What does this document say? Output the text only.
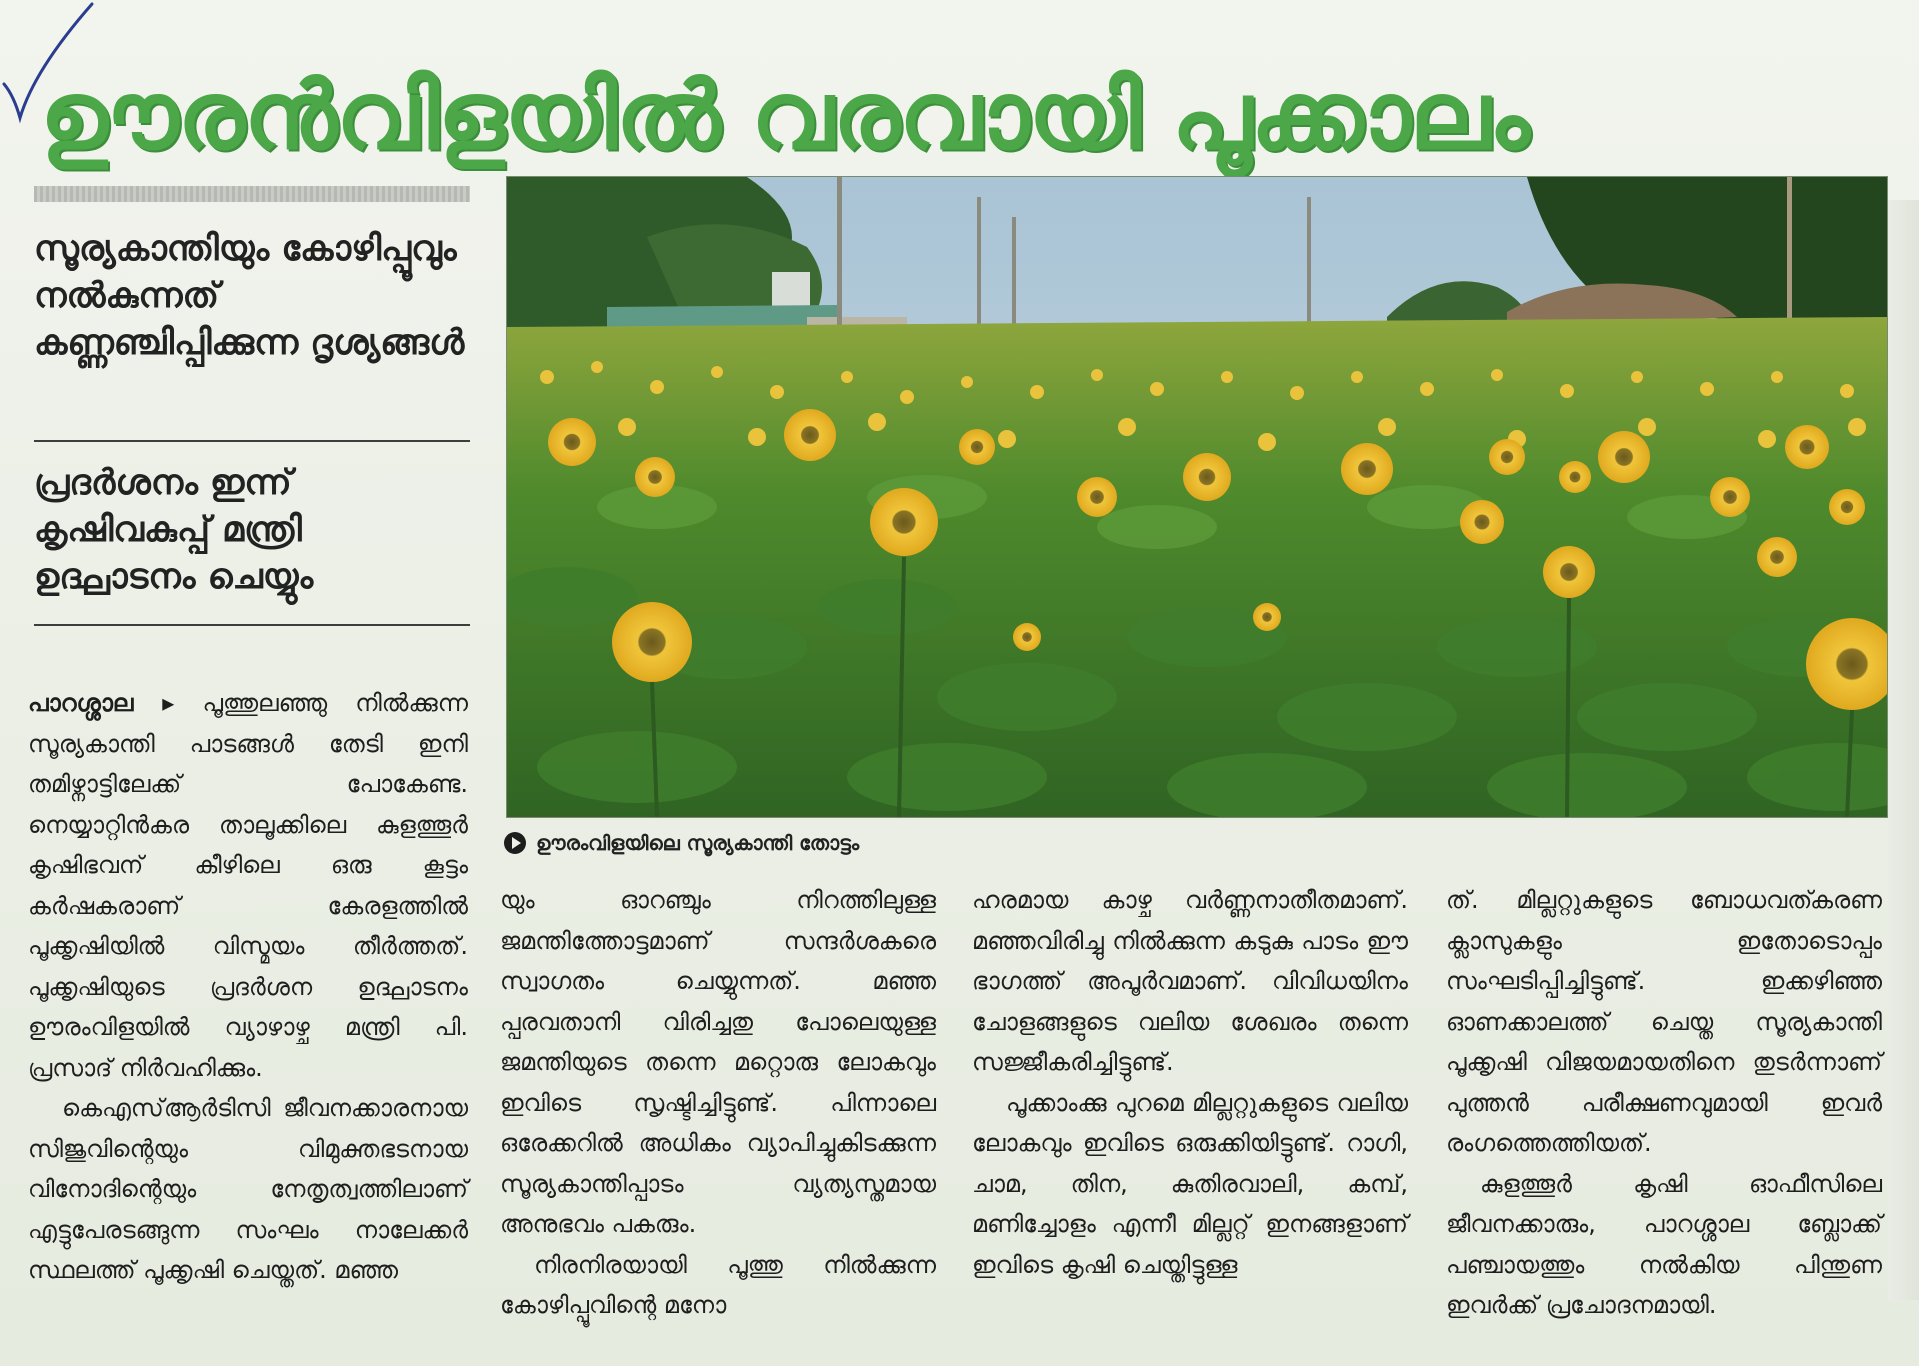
ഊരൻവിളയിൽ വരവായി പൂക്കാലം
സൂര്യകാന്തിയും കോഴിപ്പൂവും നൽകുന്നത് കണ്ണഞ്ചിപ്പിക്കുന്ന ദൃശ്യങ്ങൾ
പ്രദർശനം ഇന്ന് കൃഷിവകുപ്പ് മന്ത്രി ഉദ്ഘാടനം ചെയ്യും
ഊരംവിളയിലെ സൂര്യകാന്തി തോട്ടം

പാറശ്ശാല ▸ പൂത്തുലഞ്ഞു നിൽക്കുന്ന സൂര്യകാന്തി പാടങ്ങൾ തേടി ഇനി തമിഴ്നാട്ടിലേക്ക് പോകേണ്ട. നെയ്യാറ്റിൻകര താലൂക്കിലെ കുളത്തൂർ കൃഷിഭവന് കീഴിലെ ഒരു കൂട്ടം കർഷകരാണ് കേരളത്തിൽ പൂക്കൃഷിയിൽ വിസ്മയം തീർത്തത്. പൂക്കൃഷിയുടെ പ്രദർശന ഉദ്ഘാടനം ഊരംവിളയിൽ വ്യാഴാഴ്ച മന്ത്രി പി. പ്രസാദ് നിർവഹിക്കും.

കെഎസ്ആർടിസി ജീവനക്കാരനായ സിജുവിന്റെയും വിമുക്തഭടനായ വിനോദിന്റെയും നേതൃത്വത്തിലാണ് എട്ടുപേരടങ്ങുന്ന സംഘം നാലേക്കർ സ്ഥലത്ത് പൂക്കൃഷി ചെയ്തത്. മഞ്ഞ

യും ഓറഞ്ചും നിറത്തിലുള്ള ജമന്തിത്തോട്ടമാണ് സന്ദർശകരെ സ്വാഗതം ചെയ്യുന്നത്. മഞ്ഞ പ്പരവതാനി വിരിച്ചതു പോലെയുള്ള ജമന്തിയുടെ തന്നെ മറ്റൊരു ലോകവും ഇവിടെ സൃഷ്ടിച്ചിട്ടുണ്ട്. പിന്നാലെ ഒരേക്കറിൽ അധികം വ്യാപിച്ചുകിടക്കുന്ന സൂര്യകാന്തിപ്പാടം വ്യത്യസ്തമായ അനുഭവം പകരും.

നിരനിരയായി പൂത്തു നിൽക്കുന്ന കോഴിപ്പൂവിന്റെ മനോ

ഹരമായ കാഴ്ച വർണ്ണനാതീതമാണ്. മഞ്ഞവിരിച്ചു നിൽക്കുന്ന കടുകു പാടം ഈ ഭാഗത്ത് അപൂർവമാണ്. വിവിധയിനം ചോളങ്ങളുടെ വലിയ ശേഖരം തന്നെ സജ്ജീകരിച്ചിട്ടുണ്ട്.

പൂക്കാംക്കു പുറമെ മില്ലറ്റുകളുടെ വലിയ ലോകവും ഇവിടെ ഒരുക്കിയിട്ടുണ്ട്. റാഗി, ചാമ, തിന, കുതിരവാലി, കമ്പ്, മണിച്ചോളം എന്നീ മില്ലറ്റ് ഇനങ്ങളാണ് ഇവിടെ കൃഷി ചെയ്തിട്ടുള്ള

ത്. മില്ലറ്റുകളുടെ ബോധവത്കരണ ക്ലാസുകളും ഇതോടൊപ്പം സംഘടിപ്പിച്ചിട്ടുണ്ട്. ഇക്കഴിഞ്ഞ ഓണക്കാലത്ത് ചെയ്ത സൂര്യകാന്തി പൂക്കൃഷി വിജയമായതിനെ തുടർന്നാണ് പുത്തൻ പരീക്ഷണവുമായി ഇവർ രംഗത്തെത്തിയത്.

കുളത്തൂർ കൃഷി ഓഫീസിലെ ജീവനക്കാരും, പാറശ്ശാല ബ്ലോക്ക് പഞ്ചായത്തും നൽകിയ പിന്തുണ ഇവർക്ക് പ്രചോദനമായി.
